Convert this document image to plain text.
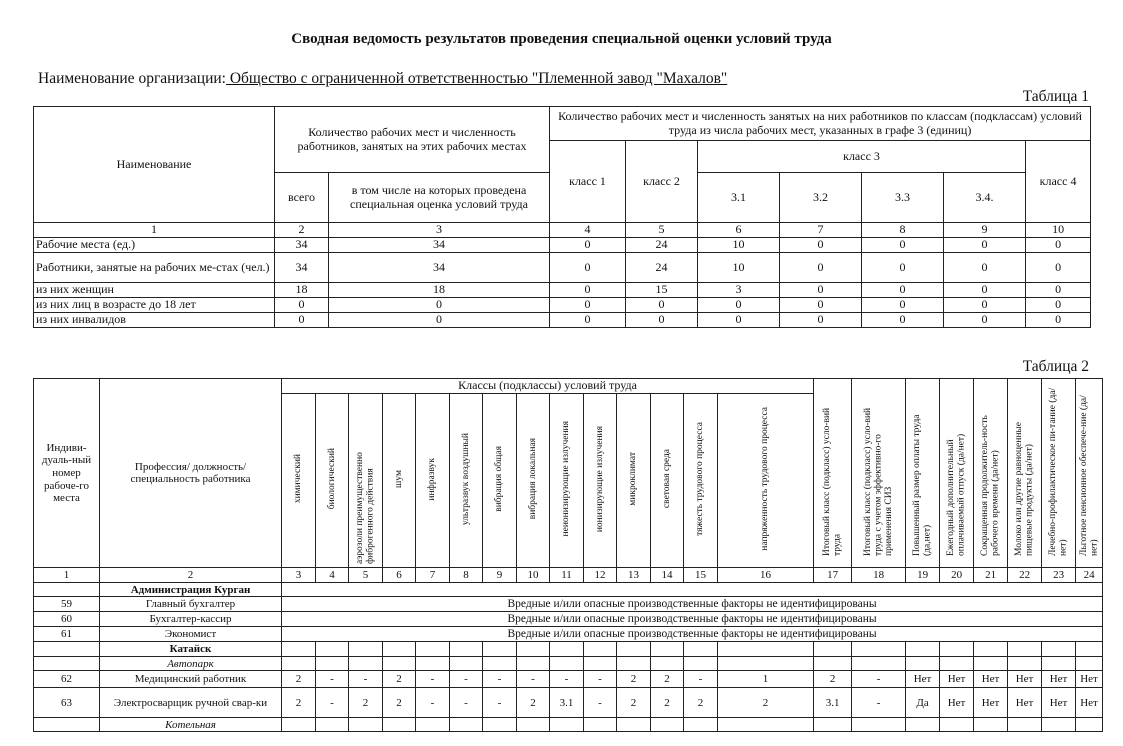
Сводная ведомость результатов проведения специальной оценки условий труда
Наименование организации: Общество с ограниченной ответственностью "Племенной завод "Махалов"
Таблица 1
Наименование	Количество рабочих мест и численность работников, занятых на этих рабочих местах		Количество рабочих мест и численность занятых на них работников по классам (подклассам) условий труда из числа рабочих мест, указанных в графе 3 (единиц)						
			класс 1	класс 2	класс 3				класс 4
	всего	в том числе на которых проведена специальная оценка условий труда			3.1	3.2	3.3	3.4.	
1	2	3	4	5	6	7	8	9	10
Рабочие места (ед.)	34	34	0	24	10	0	0	0	0
Работники, занятые на рабочих ме-стах (чел.)	34	34	0	24	10	0	0	0	0
из них женщин	18	18	0	15	3	0	0	0	0
из них лиц в возрасте до 18 лет	0	0	0	0	0	0	0	0	0
из них инвалидов	0	0	0	0	0	0	0	0	0
Таблица 2
Индиви-дуаль-ный номер рабоче-го места	Профессия/ должность/ специальность работника	Классы (подклассы) условий труда														Итоговый класс (подкласс) усло-вий труда	Итоговый класс (подкласс) усло-вий труда с учетом эффективно-го применения СИЗ	Повышенный размер оплаты труда (да,нет)	Ежегодный дополнительный оплачиваемый отпуск (да/нет)	Сокращенная продолжитель-ность рабочего времени (да/нет)	Молоко или другие равноценные пищевые продукты (да/нет)	Лечебно-профилактическое пи-тание (да/нет)	Льготное пенсионное обеспече-ние (да/нет)
		химический	биологический	аэрозоли преимущественно фиброгенного действия	шум	инфразвук	ультразвук воздушный	вибрация общая	вибрация локальная	неионизирующие излучения	ионизирующие излучения	микроклимат	световая среда	тяжесть трудового процесса	напряженность трудового процесса								
1	2	3	4	5	6	7	8	9	10	11	12	13	14	15	16	17	18	19	20	21	22	23	24
	Администрация Курган																						
59	Главный бухгалтер	Вредные и/или опасные производственные факторы не идентифицированы																					
60	Бухгалтер-кассир	Вредные и/или опасные производственные факторы не идентифицированы																					
61	Экономист	Вредные и/или опасные производственные факторы не идентифицированы																					
	Катайск																						
	Автопарк																						
62	Медицинский работник	2	-	-	2	-	-	-	-	-	-	2	2	-	1	2	-	Нет	Нет	Нет	Нет	Нет	Нет
63	Электросварщик ручной свар-ки	2	-	2	2	-	-	-	2	3.1	-	2	2	2	2	3.1	-	Да	Нет	Нет	Нет	Нет	Нет
	Котельная																						
